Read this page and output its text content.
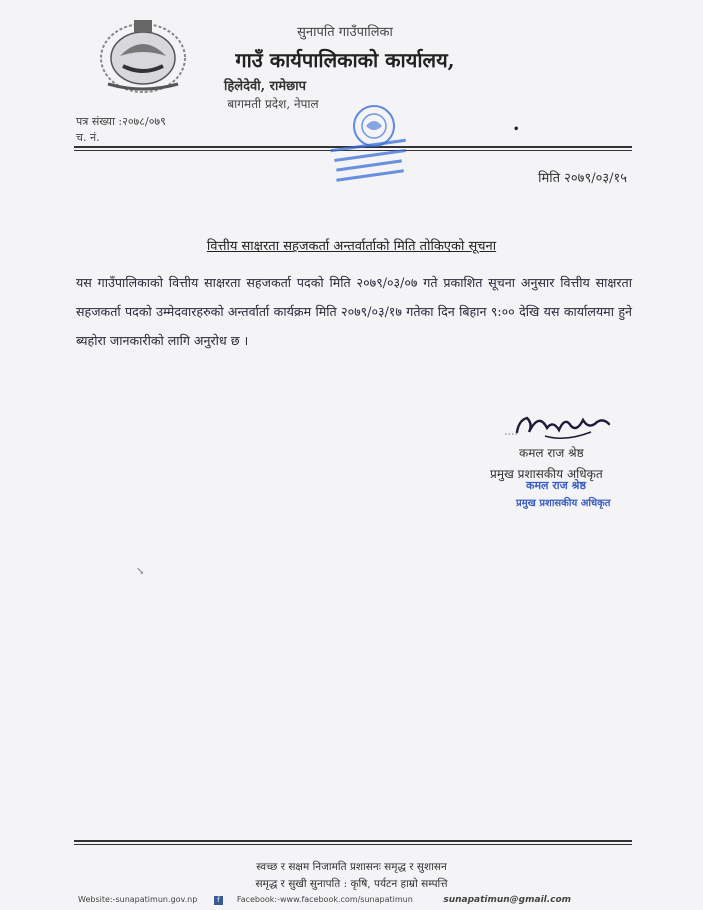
सुनापति गाउँपालिका
गाउँ कार्यपालिकाको कार्यालय,
हिलेदेवी, रामेछाप
बागमती प्रदेश, नेपाल
पत्र संख्या :२०७८/०७९
च. नं.
मिति २०७९/०३/१५
वित्तीय साक्षरता सहजकर्ता अन्तर्वार्ताको मिति तोकिएको सूचना
यस गाउँपालिकाको वित्तीय साक्षरता सहजकर्ता पदको मिति २०७९/०३/०७ गते प्रकाशित सूचना अनुसार वित्तीय साक्षरता सहजकर्ता पदको उम्मेदवारहरुको अन्तर्वार्ता कार्यक्रम मिति २०७९/०३/१७ गतेका दिन बिहान ९:०० देखि यस कार्यालयमा हुने ब्यहोरा जानकारीको लागि अनुरोध छ ।
कमल राज श्रेष्ठ
प्रमुख प्रशासकीय अधिकृत
कमल राज श्रेष्ठ
प्रमुख प्रशासकीय अधिकृत
↘
•
स्वच्छ र सक्षम निजामति प्रशासनः समृद्ध र सुशासन
समृद्ध र सुखी सुनापति : कृषि, पर्यटन हाम्रो सम्पत्ति
Website:-sunapatimun.gov.np	f Facebook:-www.facebook.com/sunapatimun	sunapatimun@gmail.com
